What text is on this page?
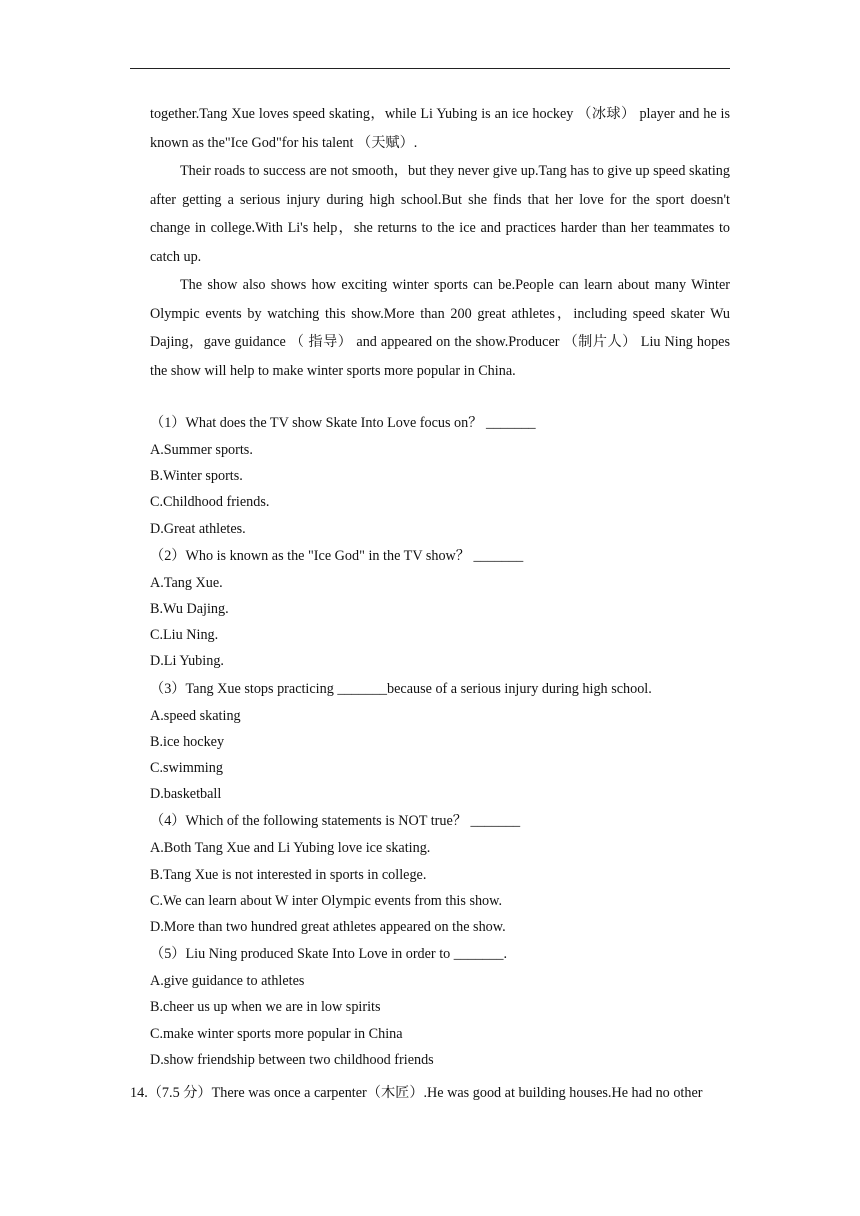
together.Tang Xue loves speed skating，while Li Yubing is an ice hockey （冰球） player and he is known as the"Ice God"for his talent （天赋）.

Their roads to success are not smooth，but they never give up.Tang has to give up speed skating after getting a serious injury during high school.But she finds that her love for the sport doesn't change in college.With Li's help，she returns to the ice and practices harder than her teammates to catch up.

The show also shows how exciting winter sports can be.People can learn about many Winter Olympic events by watching this show.More than 200 great athletes，including speed skater Wu Dajing，gave guidance （ 指导） and appeared on the show.Producer （制片人） Liu Ning hopes the show will help to make winter sports more popular in China.

（1）What does the TV show Skate Into Love focus on？ _______

A.Summer sports.

B.Winter sports.

C.Childhood friends.

D.Great athletes.

（2）Who is known as the "Ice God" in the TV show？ _______

A.Tang Xue.

B.Wu Dajing.

C.Liu Ning.

D.Li Yubing.

（3）Tang Xue stops practicing _______because of a serious injury during high school.

A.speed skating

B.ice hockey

C.swimming

D.basketball

（4）Which of the following statements is NOT true？ _______

A.Both Tang Xue and Li Yubing love ice skating.

B.Tang Xue is not interested in sports in college.

C.We can learn about W inter Olympic events from this show.

D.More than two hundred great athletes appeared on the show.

（5）Liu Ning produced Skate Into Love in order to _______.

A.give guidance to athletes

B.cheer us up when we are in low spirits

C.make winter sports more popular in China

D.show friendship between two childhood friends

14.（7.5 分）There was once a carpenter（木匠）.He was good at building houses.He had no other
